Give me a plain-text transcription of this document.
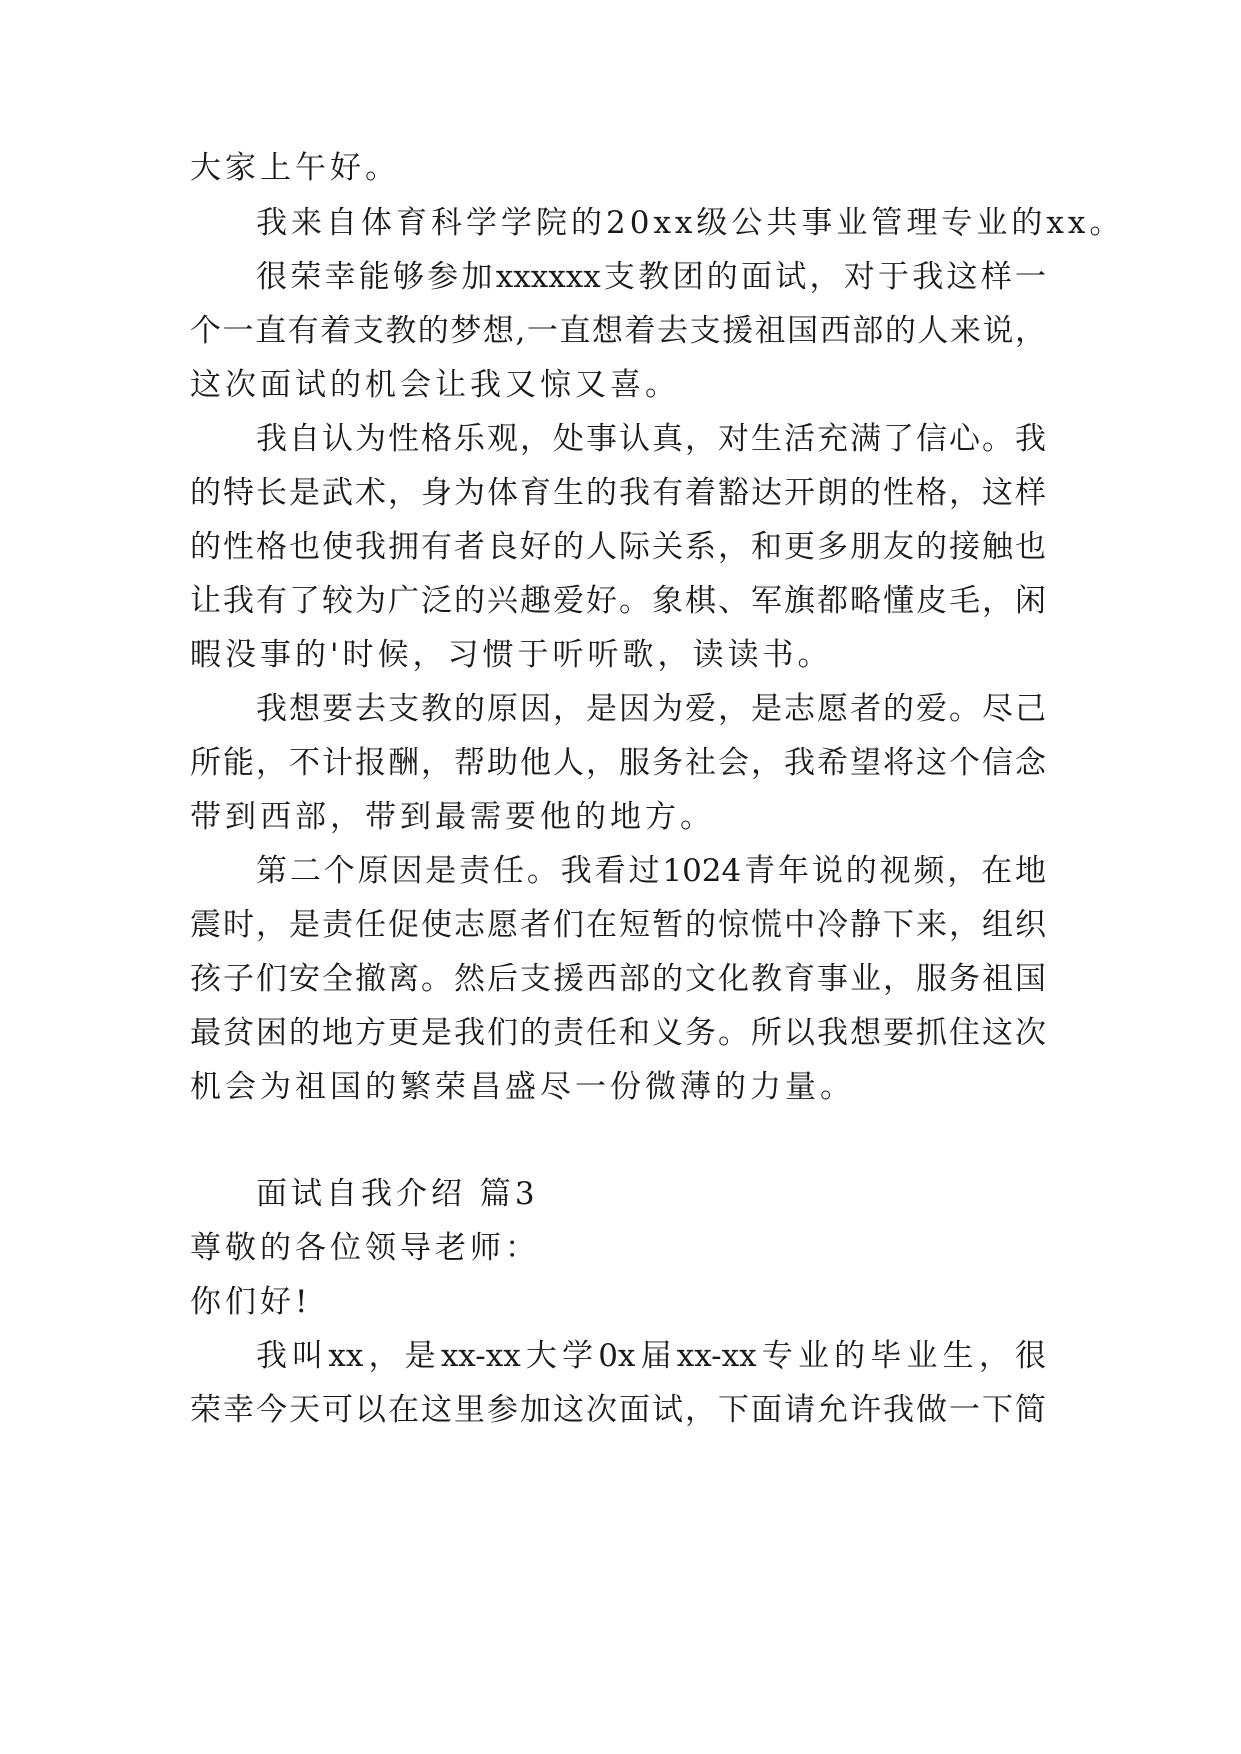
大家上午好。
我来自体育科学学院的20xx级公共事业管理专业的xx。
很荣幸能够参加xxxxxx支教团的面试，对于我这样一
个一直有着支教的梦想,一直想着去支援祖国西部的人来说，
这次面试的机会让我又惊又喜。
我自认为性格乐观，处事认真，对生活充满了信心。我
的特长是武术，身为体育生的我有着豁达开朗的性格，这样
的性格也使我拥有者良好的人际关系，和更多朋友的接触也
让我有了较为广泛的兴趣爱好。象棋、军旗都略懂皮毛，闲
暇没事的'时候，习惯于听听歌，读读书。
我想要去支教的原因，是因为爱，是志愿者的爱。尽己
所能，不计报酬，帮助他人，服务社会，我希望将这个信念
带到西部，带到最需要他的地方。
第二个原因是责任。我看过1024青年说的视频，在地
震时，是责任促使志愿者们在短暂的惊慌中冷静下来，组织
孩子们安全撤离。然后支援西部的文化教育事业，服务祖国
最贫困的地方更是我们的责任和义务。所以我想要抓住这次
机会为祖国的繁荣昌盛尽一份微薄的力量。
面试自我介绍 篇3
尊敬的各位领导老师：
你们好!
我叫xx，是xx-xx大学0x届xx-xx专业的毕业生，很
荣幸今天可以在这里参加这次面试，下面请允许我做一下简
